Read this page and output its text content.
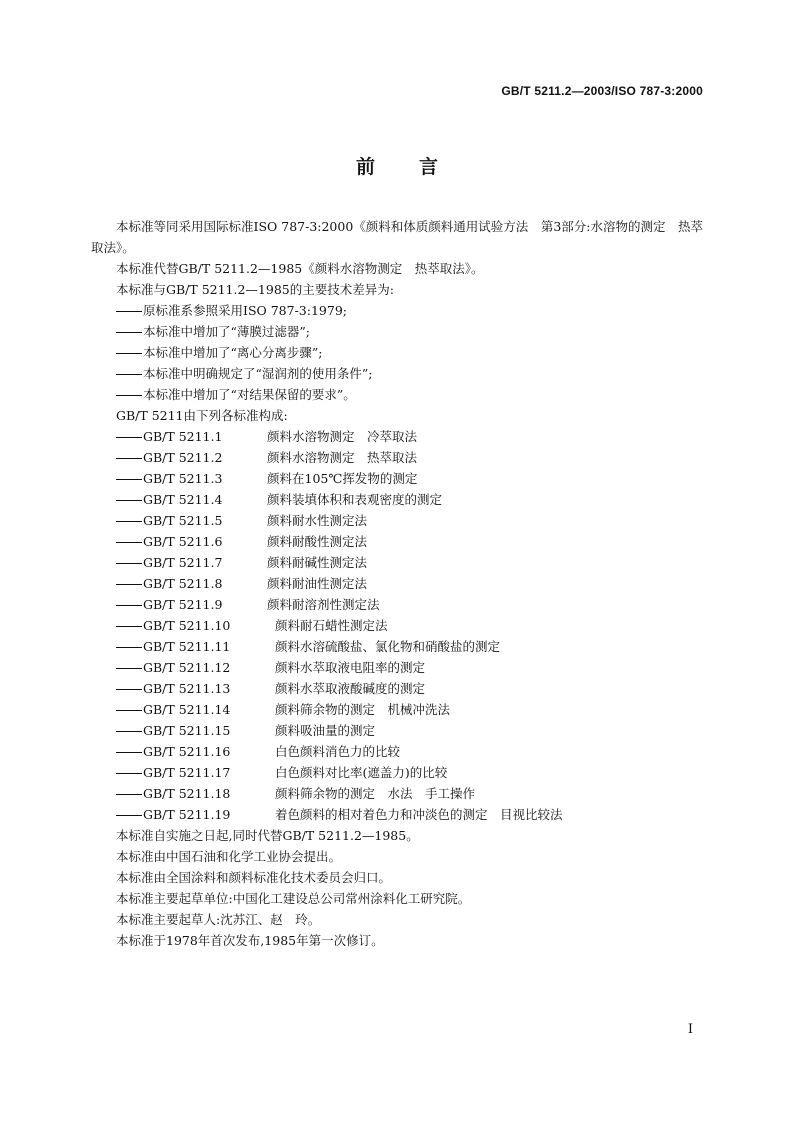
GB/T 5211.2—2003/ISO 787-3:2000
前 言
本标准等同采用国际标准ISO 787-3:2000《颜料和体质颜料通用试验方法　第3部分:水溶物的测定　热萃取法》。
本标准代替GB/T 5211.2—1985《颜料水溶物测定　热萃取法》。
本标准与GB/T 5211.2—1985的主要技术差异为:
原标准系参照采用ISO 787-3:1979;
本标准中增加了“薄膜过滤器”;
本标准中增加了“离心分离步骤”;
本标准中明确规定了“湿润剂的使用条件”;
本标准中增加了“对结果保留的要求”。
GB/T 5211由下列各标准构成:
GB/T 5211.1	颜料水溶物测定　冷萃取法
GB/T 5211.2	颜料水溶物测定　热萃取法
GB/T 5211.3	颜料在105℃挥发物的测定
GB/T 5211.4	颜料装填体积和表观密度的测定
GB/T 5211.5	颜料耐水性测定法
GB/T 5211.6	颜料耐酸性测定法
GB/T 5211.7	颜料耐碱性测定法
GB/T 5211.8	颜料耐油性测定法
GB/T 5211.9	颜料耐溶剂性测定法
GB/T 5211.10	颜料耐石蜡性测定法
GB/T 5211.11	颜料水溶硫酸盐、氯化物和硝酸盐的测定
GB/T 5211.12	颜料水萃取液电阻率的测定
GB/T 5211.13	颜料水萃取液酸碱度的测定
GB/T 5211.14	颜料筛余物的测定　机械冲洗法
GB/T 5211.15	颜料吸油量的测定
GB/T 5211.16	白色颜料消色力的比较
GB/T 5211.17	白色颜料对比率(遮盖力)的比较
GB/T 5211.18	颜料筛余物的测定　水法　手工操作
GB/T 5211.19	着色颜料的相对着色力和冲淡色的测定　目视比较法
本标准自实施之日起,同时代替GB/T 5211.2—1985。
本标准由中国石油和化学工业协会提出。
本标准由全国涂料和颜料标准化技术委员会归口。
本标准主要起草单位:中国化工建设总公司常州涂料化工研究院。
本标准主要起草人:沈苏江、赵　玲。
本标准于1978年首次发布,1985年第一次修订。
I
